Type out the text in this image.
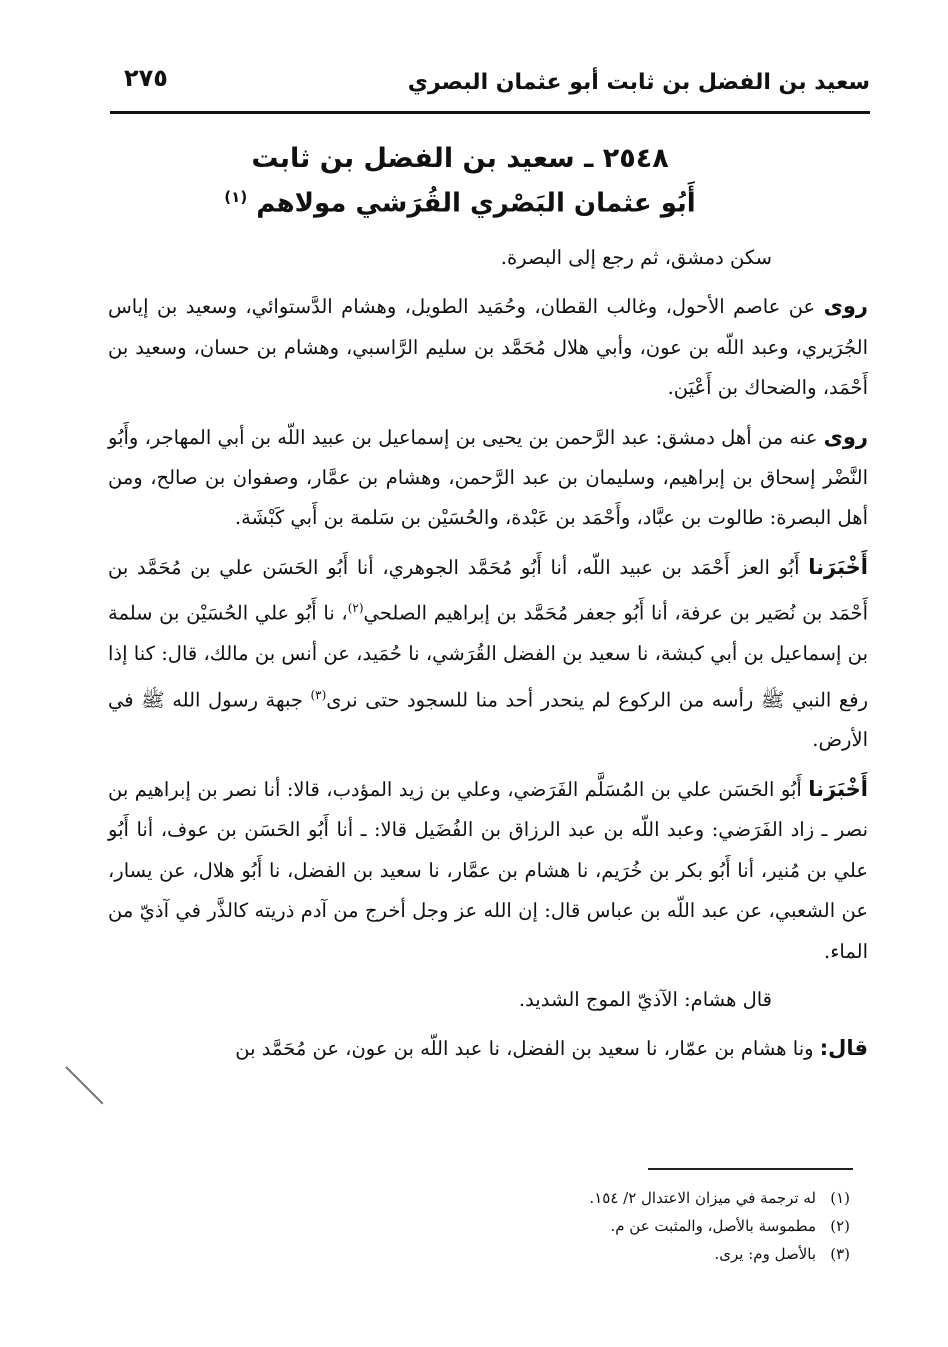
سعيد بن الفضل بن ثابت أبو عثمان البصري
٢٧٥
٢٥٤٨ ـ سعيد بن الفضل بن ثابت
أَبُو عثمان البَصْري القُرَشي مولاهم $^{(١)}$

سكن دمشق، ثم رجع إلى البصرة.

روى عن عاصم الأحول، وغالب القطان، وحُمَيد الطويل، وهشام الدَّستوائي، وسعيد بن إياس الجُرَيري، وعبد اللّه بن عون، وأبي هلال مُحَمَّد بن سليم الرَّاسبي، وهشام بن حسان، وسعيد بن أَحْمَد، والضحاك بن أَعْيَن.

روى عنه من أهل دمشق: عبد الرَّحمن بن يحيى بن إسماعيل بن عبيد اللّه بن أبي المهاجر، وأَبُو النَّضْر إسحاق بن إبراهيم، وسليمان بن عبد الرَّحمن، وهشام بن عمَّار، وصفوان بن صالح، ومن أهل البصرة: طالوت بن عبَّاد، وأَحْمَد بن عَبْدة، والحُسَيْن بن سَلمة بن أَبي كَبْشَة.

أَخْبَرَنا أَبُو العز أَحْمَد بن عبيد اللّه، أنا أَبُو مُحَمَّد الجوهري، أنا أَبُو الحَسَن علي بن مُحَمَّد بن أَحْمَد بن نُصَير بن عرفة، أنا أَبُو جعفر مُحَمَّد بن إبراهيم الصلحي$^{(٢)}$، نا أَبُو علي الحُسَيْن بن سلمة بن إسماعيل بن أبي كبشة، نا سعيد بن الفضل القُرَشي، نا حُمَيد، عن أنس بن مالك، قال: كنا إذا رفع النبي ﷺ رأسه من الركوع لم ينحدر أحد منا للسجود حتى نرى$^{(٣)}$ جبهة رسول الله ﷺ في الأرض.

أَخْبَرَنا أَبُو الحَسَن علي بن المُسَلَّم الفَرَضي، وعلي بن زيد المؤدب، قالا: أنا نصر بن إبراهيم بن نصر ـ زاد الفَرَضي: وعبد اللّه بن عبد الرزاق بن الفُضَيل قالا: ـ أنا أَبُو الحَسَن بن عوف، أنا أَبُو علي بن مُنير، أنا أَبُو بكر بن خُرَيم، نا هشام بن عمَّار، نا سعيد بن الفضل، نا أَبُو هلال، عن يسار، عن الشعبي، عن عبد اللّه بن عباس قال: إن الله عز وجل أخرج من آدم ذريته كالذَّر في آذيّ من الماء.

قال هشام: الآذيّ الموج الشديد.

قال: ونا هشام بن عمّار، نا سعيد بن الفضل، نا عبد اللّه بن عون، عن مُحَمَّد بن

(١)له ترجمة في ميزان الاعتدال ٢/ ١٥٤.
(٢)مطموسة بالأصل، والمثبت عن م.
(٣)بالأصل وم: يرى.
